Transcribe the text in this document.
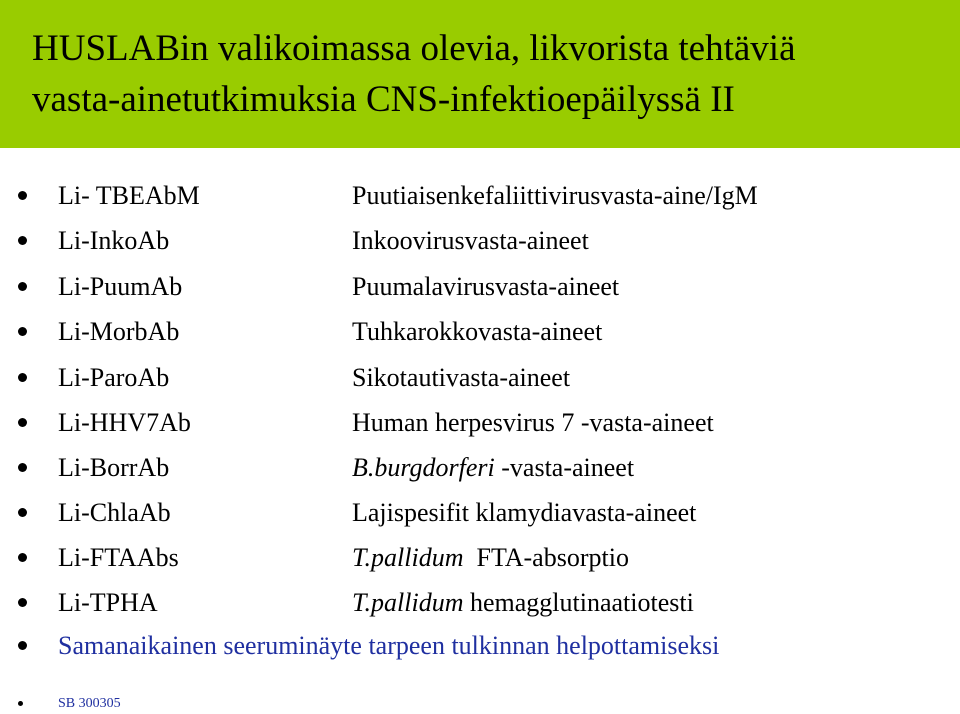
HUSLABin valikoimassa olevia, likvorista tehtäviä
vasta-ainetutkimuksia CNS-infektioepäilyssä II
Li- TBEAbM	Puutiaisenkefaliittivirusvasta-aine/IgM
Li-InkoAb	Inkoovirusvasta-aineet
Li-PuumAb	Puumalavirusvasta-aineet
Li-MorbAb	Tuhkarokkovasta-aineet
Li-ParoAb	Sikotautivasta-aineet
Li-HHV7Ab	Human herpesvirus 7 -vasta-aineet
Li-BorrAb	B.burgdorferi -vasta-aineet
Li-ChlaAb	Lajispesifit klamydiavasta-aineet
Li-FTAAbs	T.pallidum  FTA-absorptio
Li-TPHA	T.pallidum hemagglutinaatiotesti
Samanaikainen seeruminäyte tarpeen tulkinnan helpottamiseksi
SB 300305
